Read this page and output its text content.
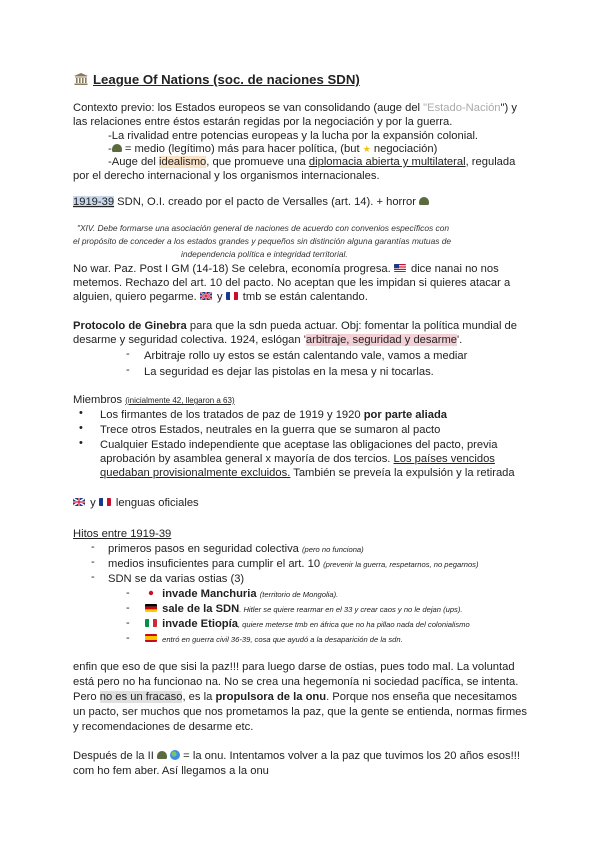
League Of Nations (soc. de naciones SDN)
Contexto previo: los Estados europeos se van consolidando (auge del "Estado-Nación") y
las relaciones entre éstos estarán regidas por la negociación y por la guerra.
-La rivalidad entre potencias europeas y la lucha por la expansión colonial.
- = medio (legítimo) más para hacer política, (but ★ negociación)
-Auge del idealismo, que promueve una diplomacia abierta y multilateral, regulada
por el derecho internacional y los organismos internacionales.
1919-39 SDN, O.I. creado por el pacto de Versalles (art. 14). + horror
"XIV. Debe formarse una asociación general de naciones de acuerdo con convenios específicos con
el propósito de conceder a los estados grandes y pequeños sin distinción alguna garantías mutuas de
independencia política e integridad territorial.
No war. Paz. Post I GM (14-18) Se celebra, economía progresa.  dice nanai no nos
metemos. Rechazo del art. 10 del pacto. No aceptan que les impidan si quieres atacar a
alguien, quiero pegarme.  y  tmb se están calentando.
Protocolo de Ginebra para que la sdn pueda actuar. Obj: fomentar la política mundial de
desarme y seguridad colectiva. 1924, eslógan 'arbitraje, seguridad y desarme'.
- Arbitraje rollo uy estos se están calentando vale, vamos a mediar
- La seguridad es dejar las pistolas en la mesa y ni tocarlas.
Miembros (inicialmente 42, llegaron a 63)
• Los firmantes de los tratados de paz de 1919 y 1920 por parte aliada
• Trece otros Estados, neutrales en la guerra que se sumaron al pacto
• Cualquier Estado independiente que aceptase las obligaciones del pacto, previa
aprobación by asamblea general x mayoría de dos tercios. Los países vencidos
quedaban provisionalmente excluidos. También se preveía la expulsión y la retirada
y  lenguas oficiales
Hitos entre 1919-39
- primeros pasos en seguridad colectiva (pero no funciona)
- medios insuficientes para cumplir el art. 10 (prevenir la guerra, respetarnos, no pegarnos)
- SDN se da varias ostias (3)
-	invade Manchuria (territorio de Mongolia).
-	sale de la SDN. Hitler se quiere rearmar en el 33 y crear caos y no le dejan (ups).
-	invade Etiopía, quiere meterse tmb en áfrica que no ha pillao nada del colonialismo
-	entró en guerra civil 36-39, cosa que ayudó a la desaparición de la sdn.
enfin que eso de que sisi la paz!!! para luego darse de ostias, pues todo mal. La voluntad
está pero no ha funcionao na. No se crea una hegemonía ni sociedad pacífica, se intenta.
Pero no es un fracaso, es la propulsora de la onu. Porque nos enseña que necesitamos
un pacto, ser muchos que nos prometamos la paz, que la gente se entienda, normas firmes
y recomendaciones de desarme etc.
Después de la II   = la onu. Intentamos volver a la paz que tuvimos los 20 años esos!!!
com ho fem aber. Así llegamos a la onu
